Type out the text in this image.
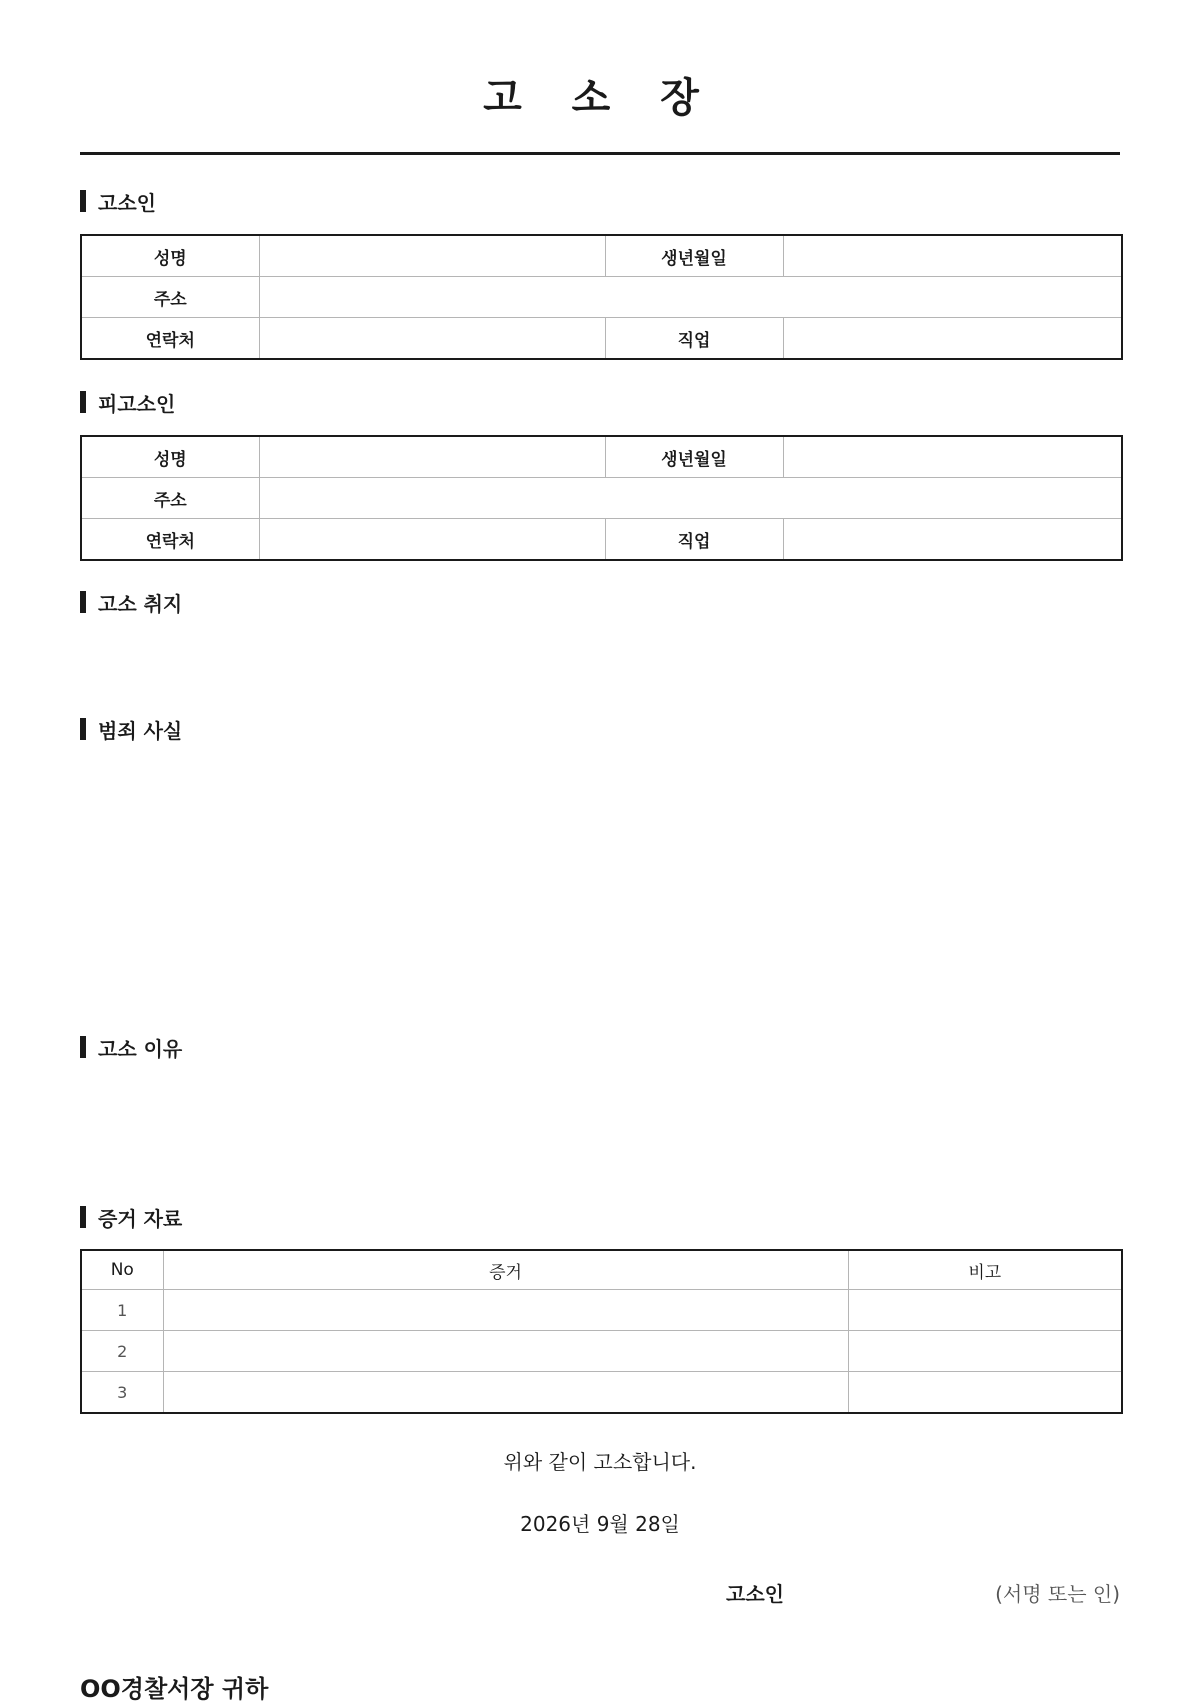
고 소 장
고소인
성명		생년월일	
주소			
연락처		직업	
피고소인
성명		생년월일	
주소			
연락처		직업	
고소 취지
범죄 사실
고소 이유
증거 자료
No	증거	비고
1		
2		
3		
위와 같이 고소합니다.
2026년 9월 28일
고소인	(서명 또는 인)
OO경찰서장 귀하
